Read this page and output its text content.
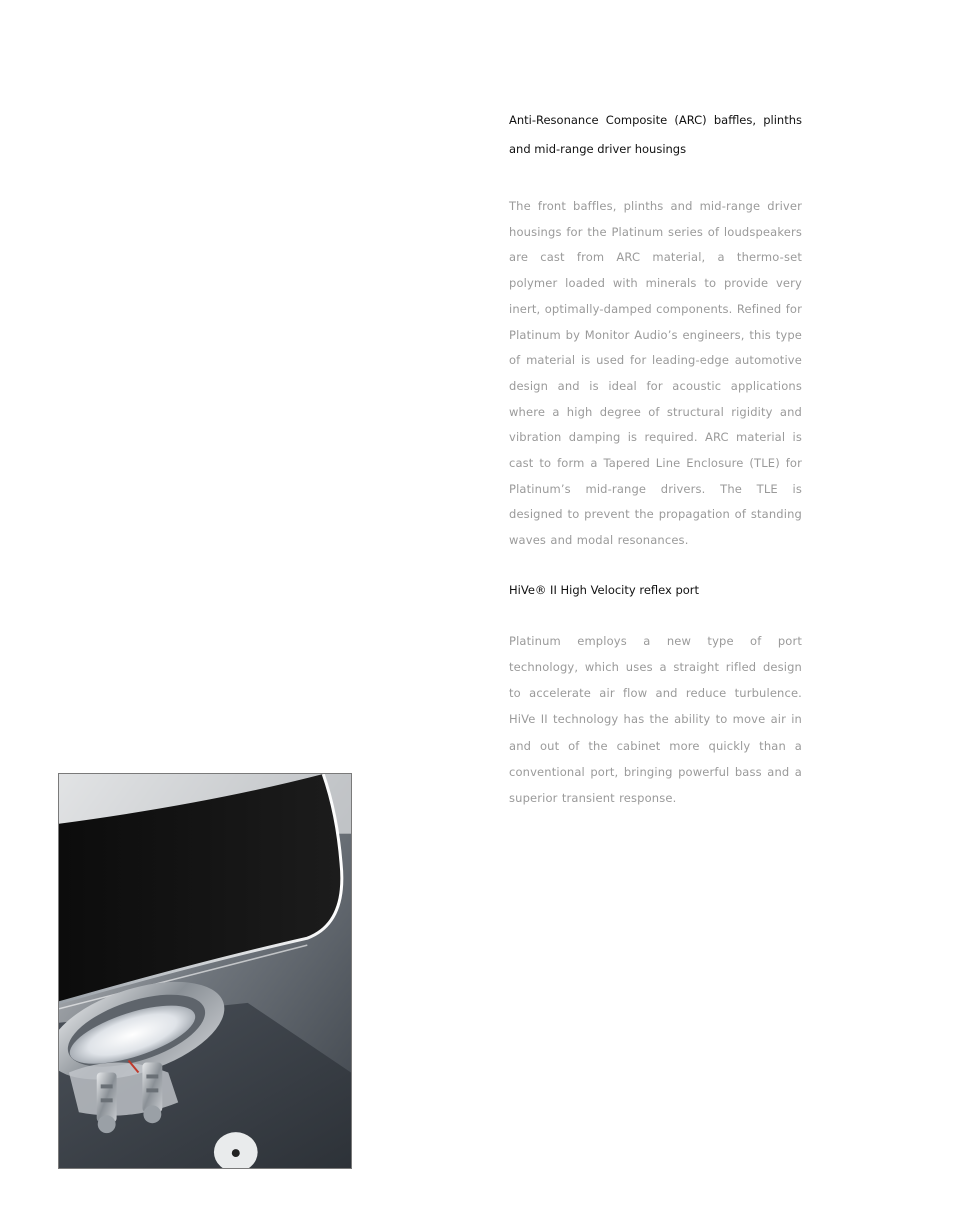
Anti-Resonance Composite (ARC) baffles, plinths and mid-range driver housings

The front baffles, plinths and mid-range driver housings for the Platinum series of loudspeakers are cast from ARC material, a thermo-set polymer loaded with minerals to provide very inert, optimally-damped components. Refined for Platinum by Monitor Audio’s engineers, this type of material is used for leading-edge automotive design and is ideal for acoustic applications where a high degree of structural rigidity and vibration damping is required. ARC material is cast to form a Tapered Line Enclosure (TLE) for Platinum’s mid-range drivers. The TLE is designed to prevent the propagation of standing waves and modal resonances.

HiVe® II High Velocity reflex port

Platinum employs a new type of port technology, which uses a straight rifled design to accelerate air flow and reduce turbulence. HiVe II technology has the ability to move air in and out of the cabinet more quickly than a conventional port, bringing powerful bass and a superior transient response.
